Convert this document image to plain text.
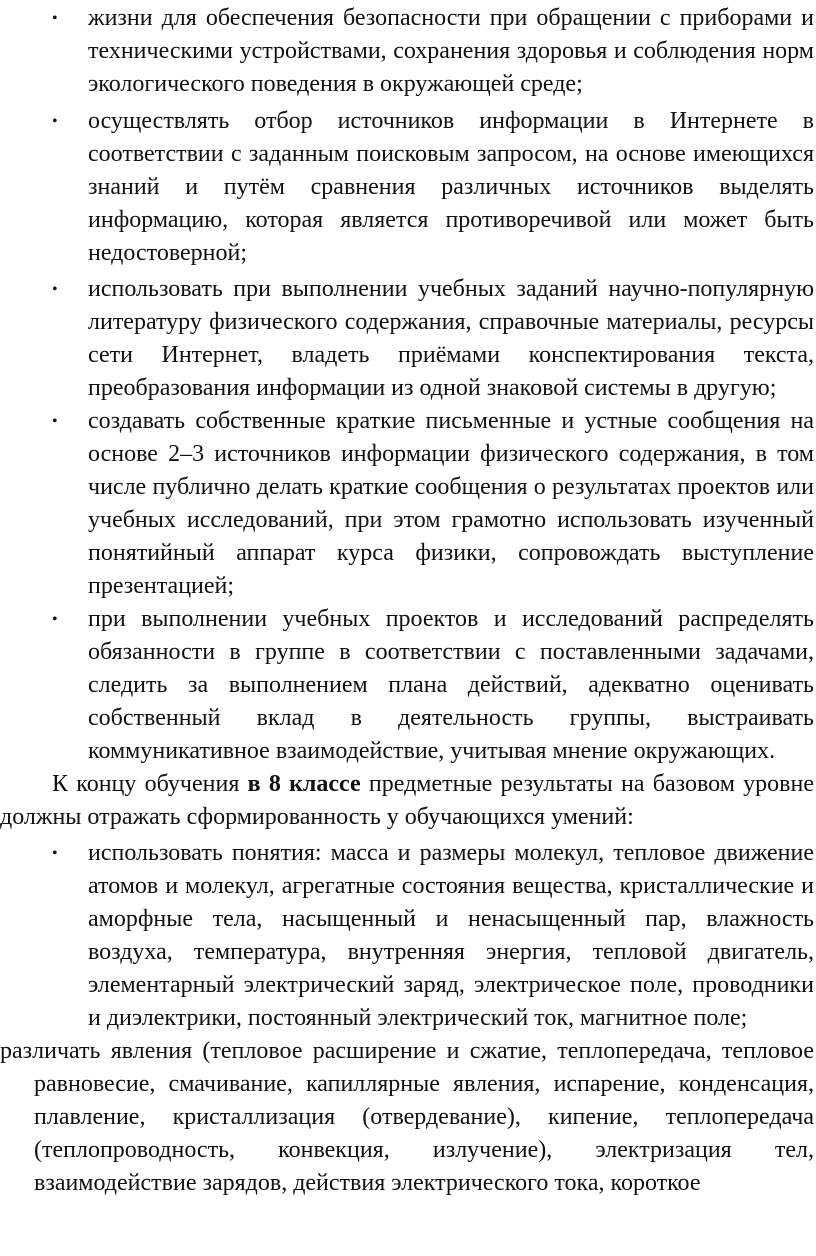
• жизни для обеспечения безопасности при обращении с приборами и техническими устройствами, сохранения здоровья и соблюдения норм экологического поведения в окружающей среде;
• осуществлять отбор источников информации в Интернете в соответствии с заданным поисковым запросом, на основе имеющихся знаний и путём сравнения различных источников выделять информацию, которая является противоречивой или может быть недостоверной;
• использовать при выполнении учебных заданий научно-популярную литературу физического содержания, справочные материалы, ресурсы сети Интернет, владеть приёмами конспектирования текста, преобразования информации из одной знаковой системы в другую;
• создавать собственные краткие письменные и устные сообщения на основе 2–3 источников информации физического содержания, в том числе публично делать краткие сообщения о результатах проектов или учебных исследований, при этом грамотно использовать изученный понятийный аппарат курса физики, сопровождать выступление презентацией;
• при выполнении учебных проектов и исследований распределять обязанности в группе в соответствии с поставленными задачами, следить за выполнением плана действий, адекватно оценивать собственный вклад в деятельность группы, выстраивать коммуникативное взаимодействие, учитывая мнение окружающих.

К концу обучения в 8 классе предметные результаты на базовом уровне должны отражать сформированность у обучающихся умений:

• использовать понятия: масса и размеры молекул, тепловое движение атомов и молекул, агрегатные состояния вещества, кристаллические и аморфные тела, насыщенный и ненасыщенный пар, влажность воздуха, температура, внутренняя энергия, тепловой двигатель, элементарный электрический заряд, электрическое поле, проводники и диэлектрики, постоянный электрический ток, магнитное поле;

различать явления (тепловое расширение и сжатие, теплопередача, тепловое равновесие, смачивание, капиллярные явления, испарение, конденсация, плавление, кристаллизация (отвердевание), кипение, теплопередача (теплопроводность, конвекция, излучение), электризация тел, взаимодействие зарядов, действия электрического тока, короткое
